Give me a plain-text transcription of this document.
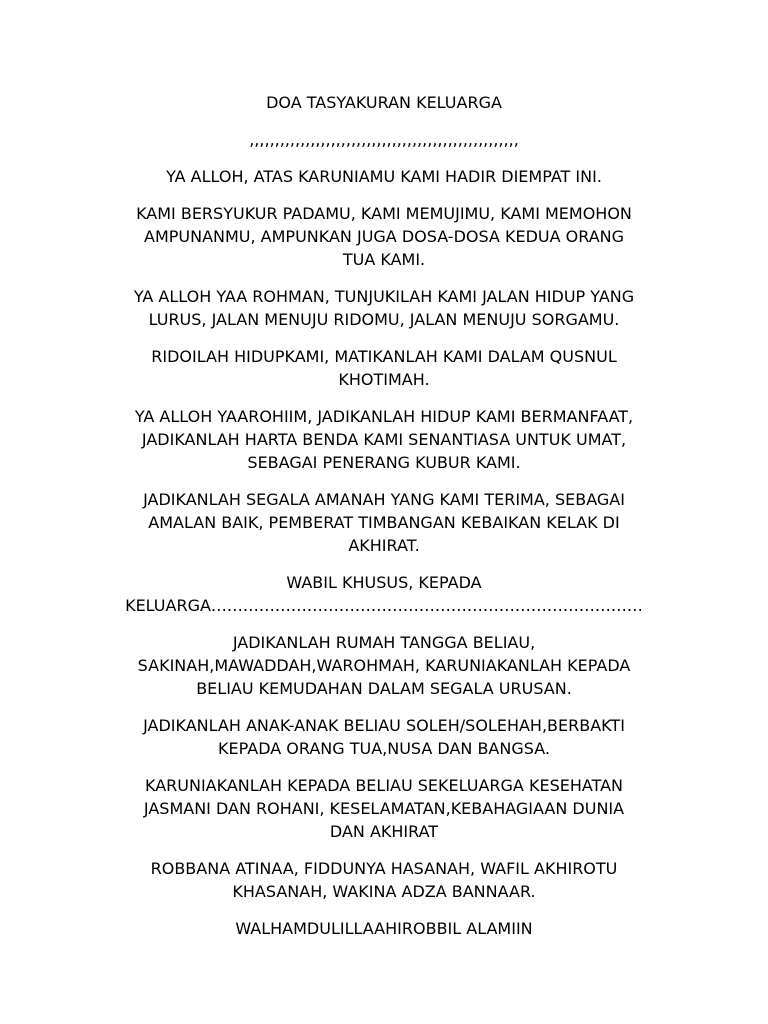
DOA TASYAKURAN KELUARGA
,,,,,,,,,,,,,,,,,,,,,,,,,,,,,,,,,,,,,,,,,,,,,,,,,,,,,
YA ALLOH, ATAS KARUNIAMU KAMI HADIR DIEMPAT INI.
KAMI BERSYUKUR PADAMU, KAMI MEMUJIMU, KAMI MEMOHON
AMPUNANMU, AMPUNKAN JUGA DOSA-DOSA KEDUA ORANG
TUA KAMI.
YA ALLOH YAA ROHMAN, TUNJUKILAH KAMI JALAN HIDUP YANG
LURUS, JALAN MENUJU RIDOMU, JALAN MENUJU SORGAMU.
RIDOILAH HIDUPKAMI, MATIKANLAH KAMI DALAM QUSNUL
KHOTIMAH.
YA ALLOH YAAROHIIM, JADIKANLAH HIDUP KAMI BERMANFAAT,
JADIKANLAH HARTA BENDA KAMI SENANTIASA UNTUK UMAT,
SEBAGAI PENERANG KUBUR KAMI.
JADIKANLAH SEGALA AMANAH YANG KAMI TERIMA, SEBAGAI
AMALAN BAIK, PEMBERAT TIMBANGAN KEBAIKAN KELAK DI
AKHIRAT.
WABIL KHUSUS, KEPADA
KELUARGA………………………………………………………………………
JADIKANLAH RUMAH TANGGA BELIAU,
SAKINAH,MAWADDAH,WAROHMAH, KARUNIAKANLAH KEPADA
BELIAU KEMUDAHAN DALAM SEGALA URUSAN.
JADIKANLAH ANAK-ANAK BELIAU SOLEH/SOLEHAH,BERBAKTI
KEPADA ORANG TUA,NUSA DAN BANGSA.
KARUNIAKANLAH KEPADA BELIAU SEKELUARGA KESEHATAN
JASMANI DAN ROHANI, KESELAMATAN,KEBAHAGIAAN DUNIA
DAN AKHIRAT
ROBBANA ATINAA, FIDDUNYA HASANAH, WAFIL AKHIROTU
KHASANAH, WAKINA ADZA BANNAAR.
WALHAMDULILLAAHIROBBIL ALAMIIN
